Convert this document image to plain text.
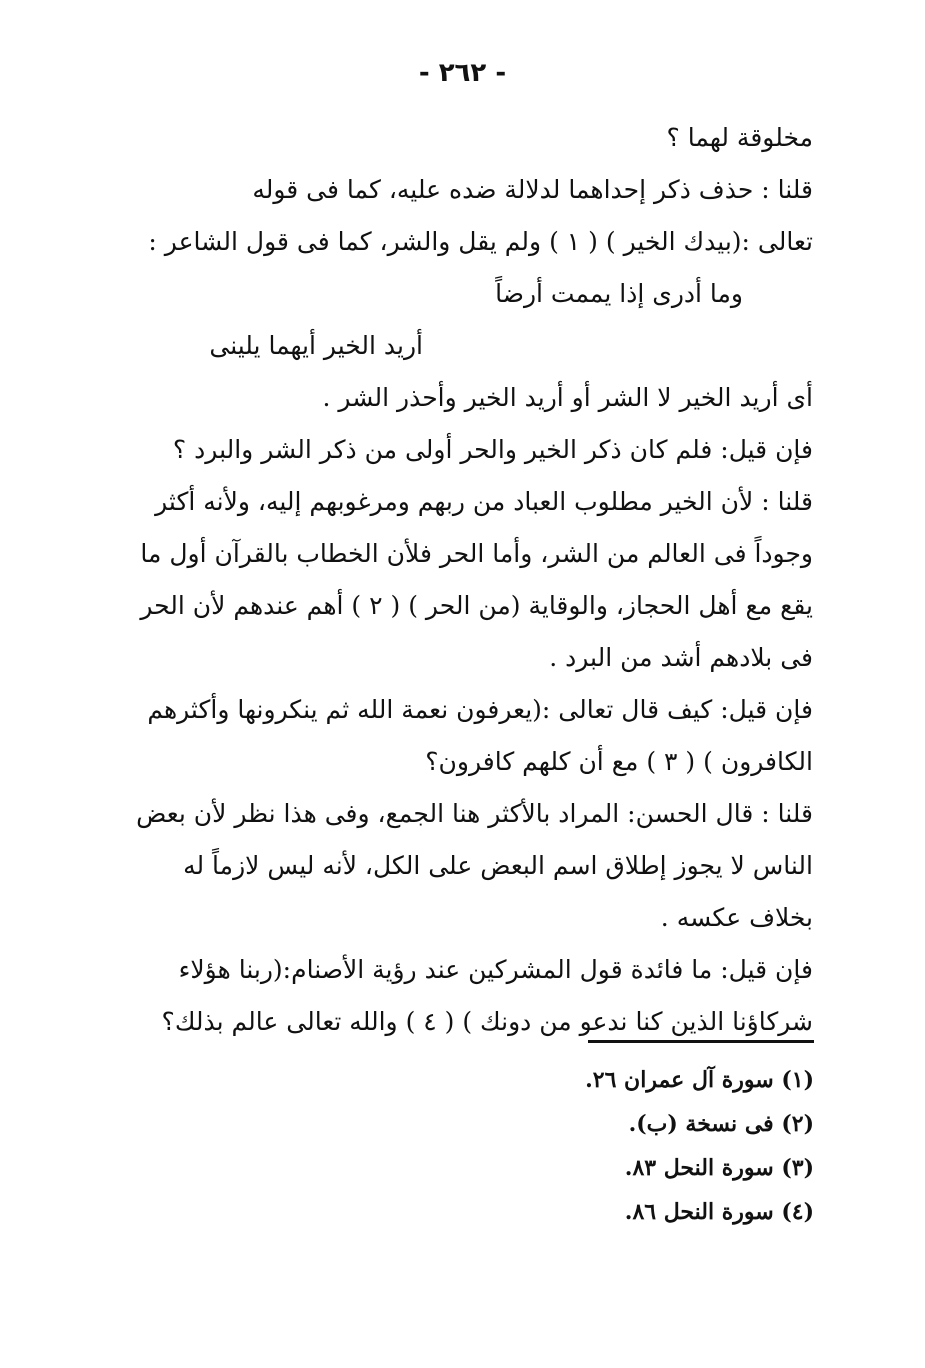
- ٢٦٢ -
مخلوقة لهما ؟
قلنا : حذف ذكر إحداهما لدلالة ضده عليه، كما فى قوله
تعالى :(بيدك الخير ) ( ١ ) ولم يقل والشر، كما فى قول الشاعر :
وما أدرى إذا يممت أرضاً
أريد الخير أيهما يلينى
أى أريد الخير لا الشر أو أريد الخير وأحذر الشر .
فإن قيل: فلم كان ذكر الخير والحر أولى من ذكر الشر والبرد ؟
قلنا : لأن الخير مطلوب العباد من ربهم ومرغوبهم إليه، ولأنه أكثر
وجوداً فى العالم من الشر، وأما الحر فلأن الخطاب بالقرآن أول ما
يقع مع أهل الحجاز، والوقاية (من الحر ) ( ٢ ) أهم عندهم لأن الحر
فى بلادهم أشد من البرد .
فإن قيل: كيف قال تعالى :(يعرفون نعمة الله ثم ينكرونها وأكثرهم
الكافرون ) ( ٣ ) مع أن كلهم كافرون؟
قلنا : قال الحسن: المراد بالأكثر هنا الجمع، وفى هذا نظر لأن بعض
الناس لا يجوز إطلاق اسم البعض على الكل، لأنه ليس لازماً له
بخلاف عكسه .
فإن قيل: ما فائدة قول المشركين عند رؤية الأصنام:(ربنا هؤلاء
شركاؤنا الذين كنا ندعو من دونك ) ( ٤ ) والله تعالى عالم بذلك؟
(١) سورة آل عمران ٢٦.
(٢) فى نسخة (ب).
(٣) سورة النحل ٨٣.
(٤) سورة النحل ٨٦.
